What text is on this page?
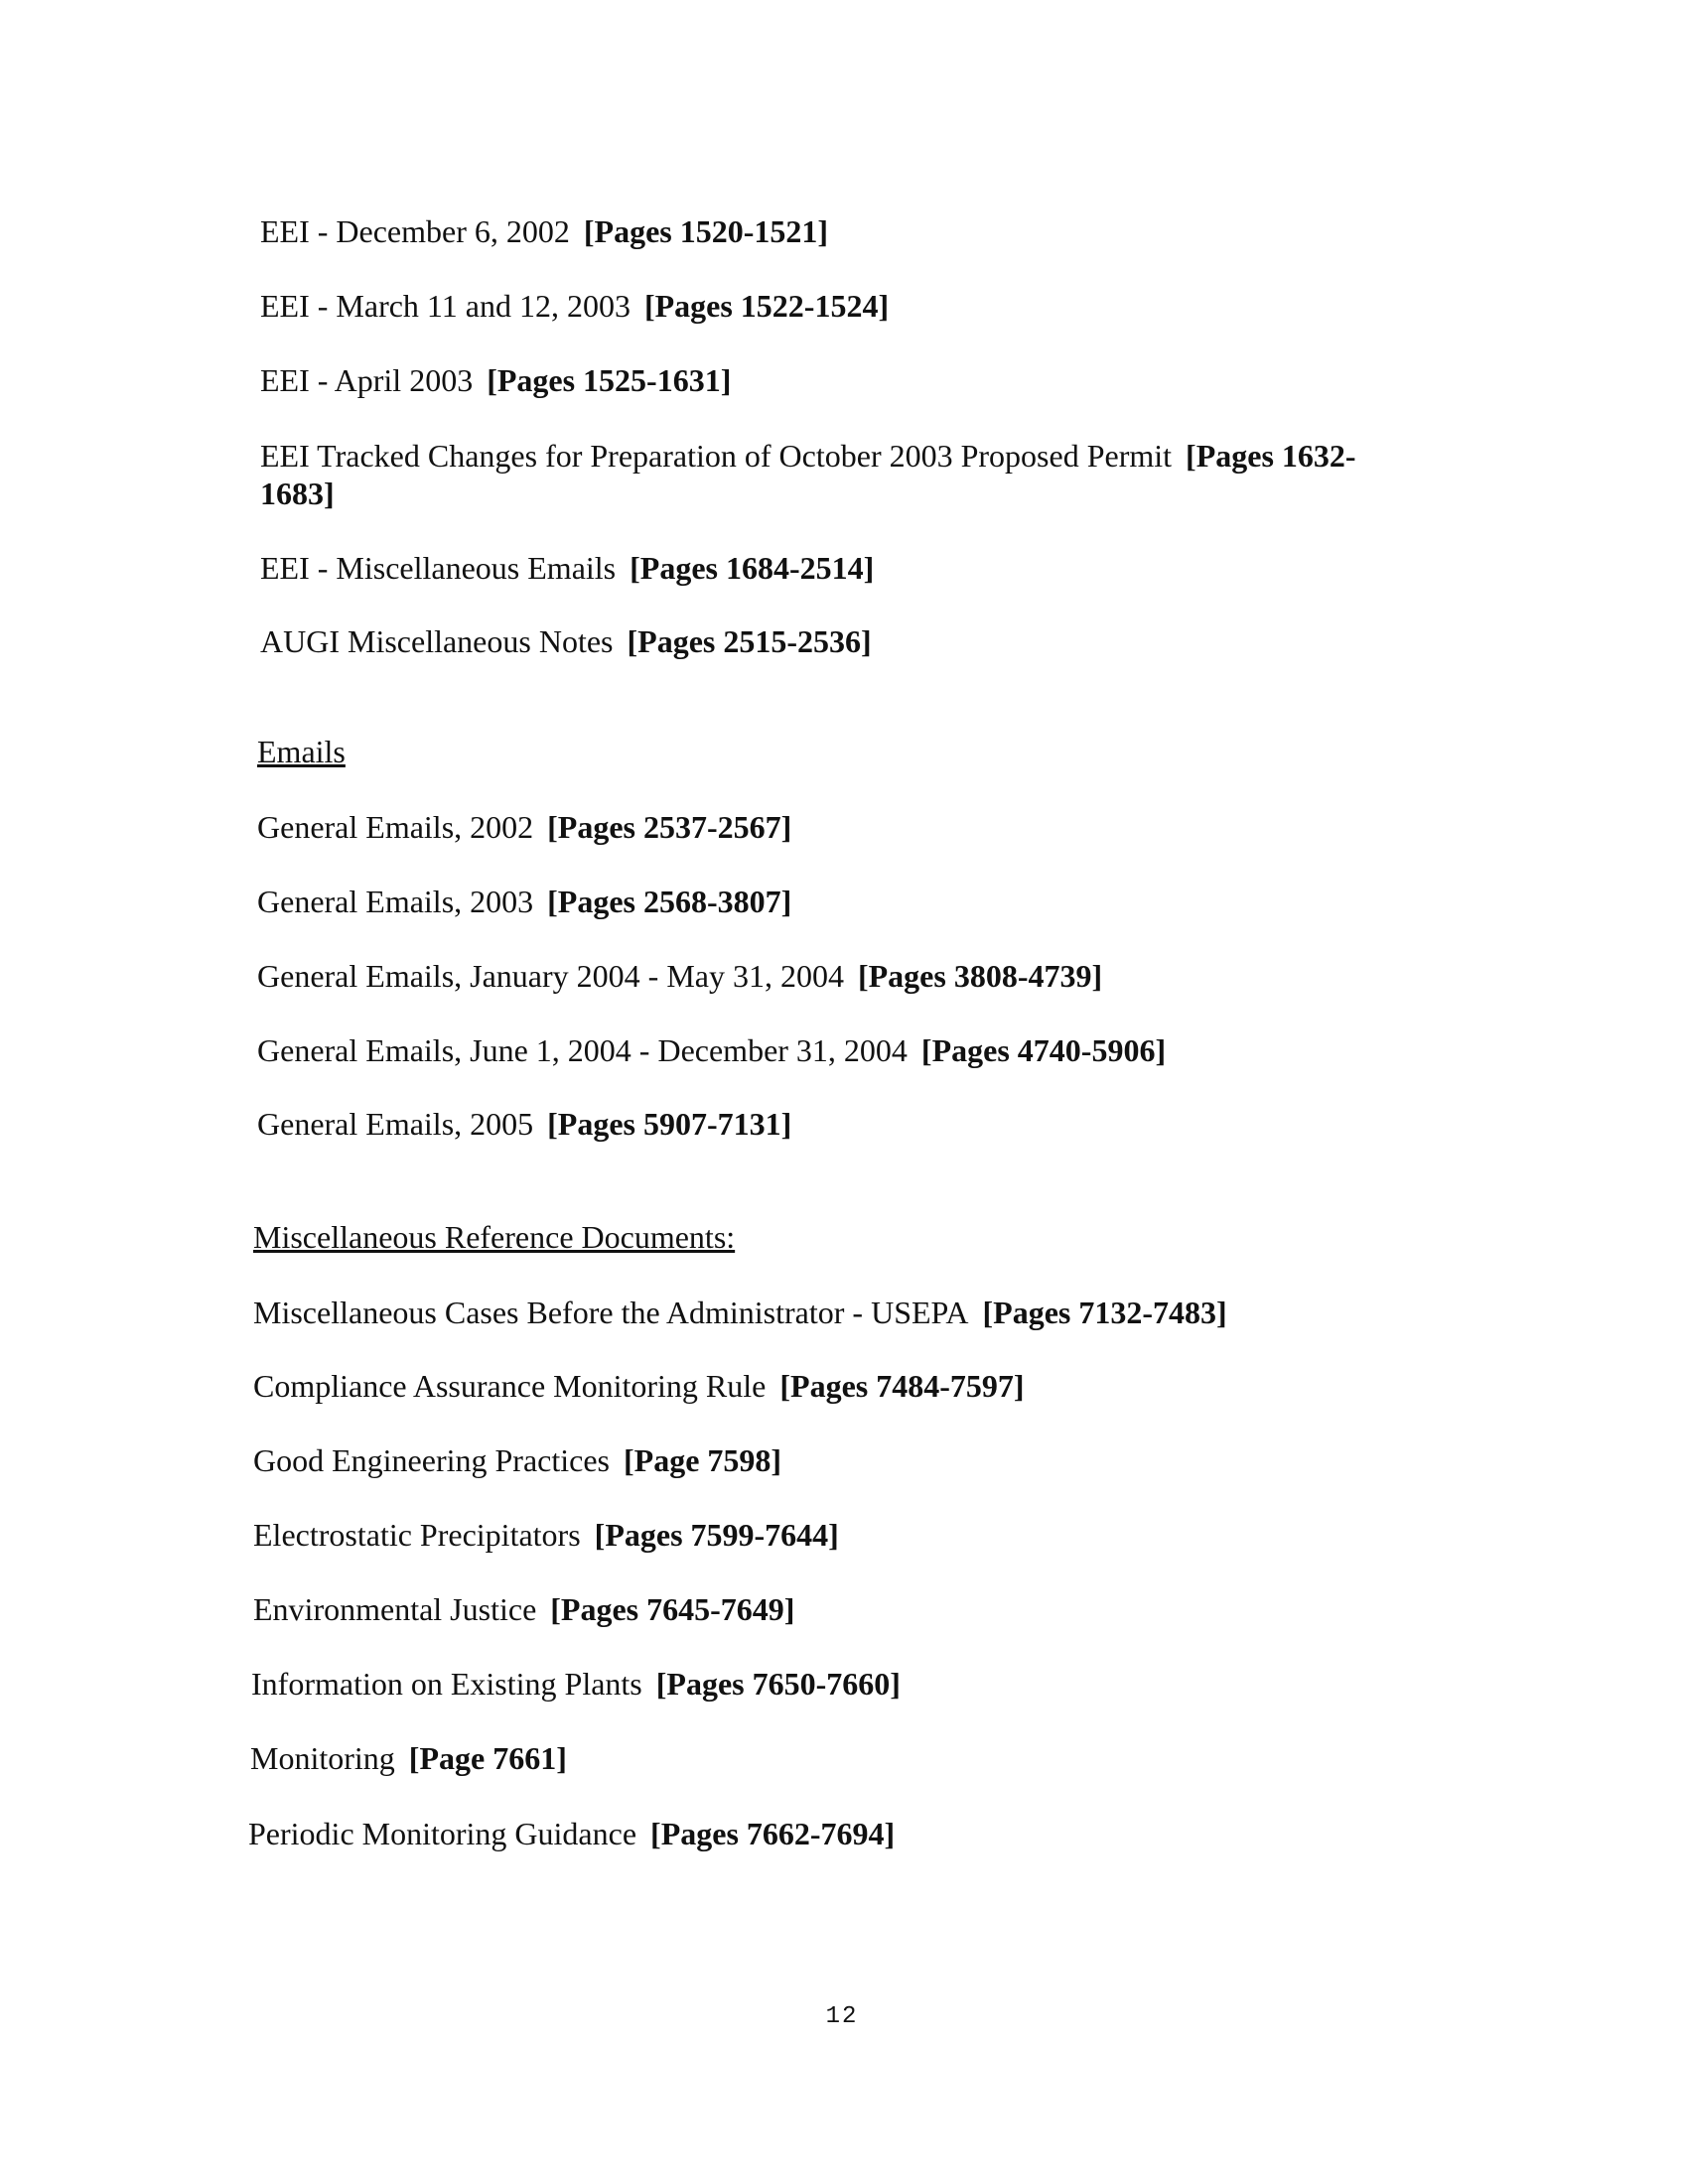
EEI - December 6, 2002 [Pages 1520-1521]
EEI - March 11 and 12, 2003 [Pages 1522-1524]
EEI - April 2003 [Pages 1525-1631]
EEI Tracked Changes for Preparation of October 2003 Proposed Permit [Pages 1632-1683]
EEI - Miscellaneous Emails [Pages 1684-2514]
AUGI Miscellaneous Notes [Pages 2515-2536]
Emails
General Emails, 2002 [Pages 2537-2567]
General Emails, 2003 [Pages 2568-3807]
General Emails, January 2004 - May 31, 2004 [Pages 3808-4739]
General Emails, June 1, 2004 - December 31, 2004 [Pages 4740-5906]
General Emails, 2005 [Pages 5907-7131]
Miscellaneous Reference Documents:
Miscellaneous Cases Before the Administrator - USEPA [Pages 7132-7483]
Compliance Assurance Monitoring Rule [Pages 7484-7597]
Good Engineering Practices [Page 7598]
Electrostatic Precipitators [Pages 7599-7644]
Environmental Justice [Pages 7645-7649]
Information on Existing Plants [Pages 7650-7660]
Monitoring [Page 7661]
Periodic Monitoring Guidance [Pages 7662-7694]
12
